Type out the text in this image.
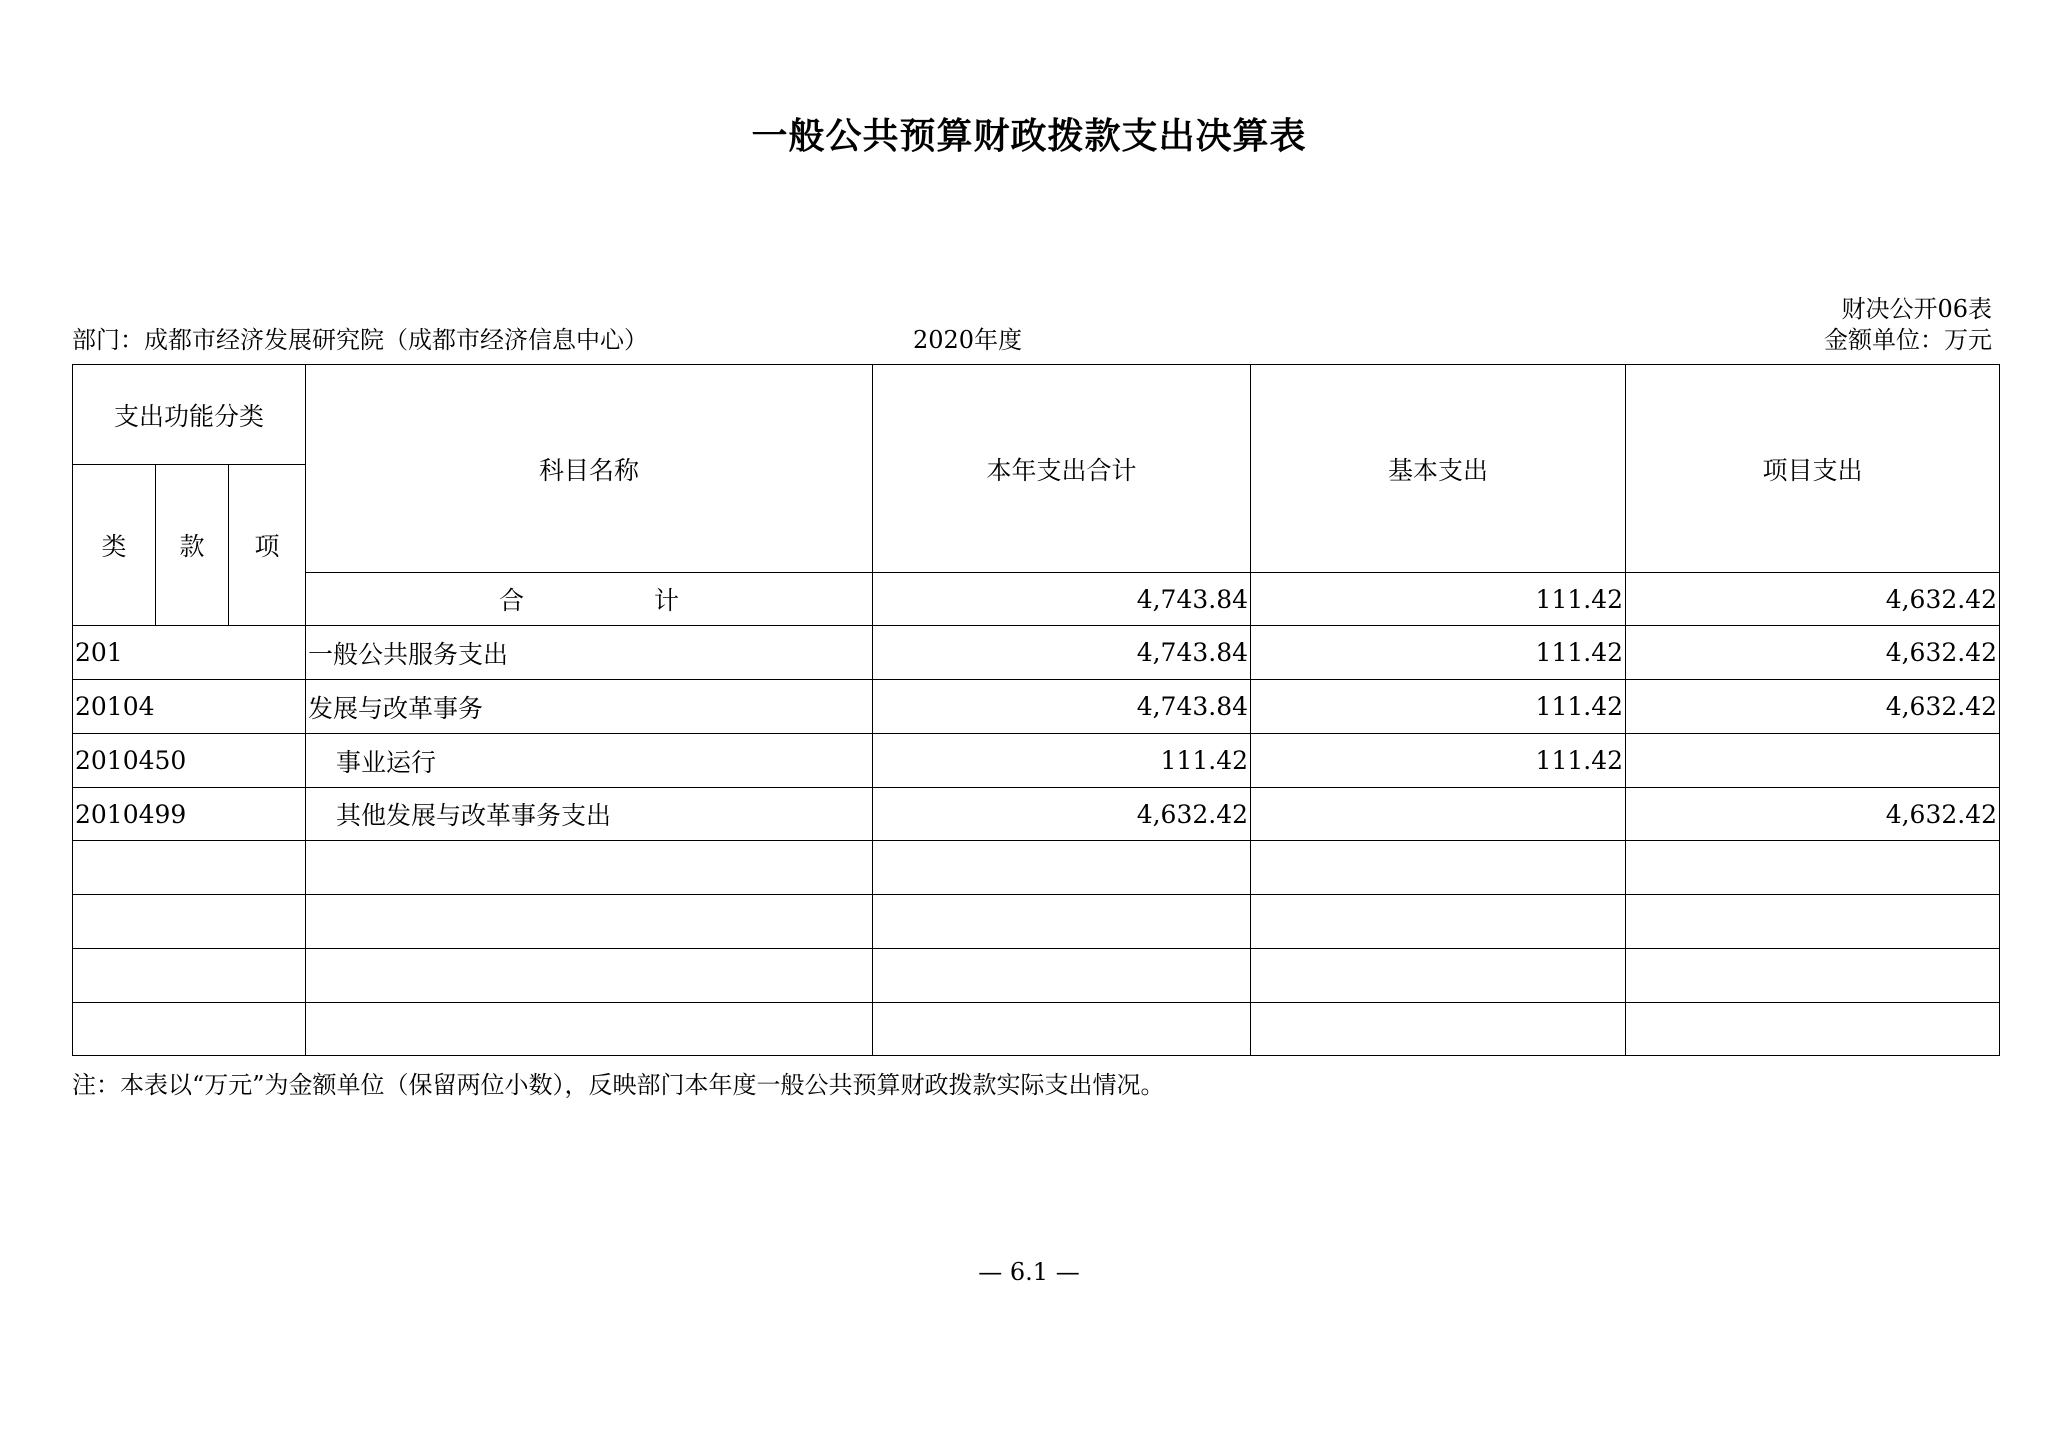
一般公共预算财政拨款支出决算表
财决公开06表
部门：成都市经济发展研究院（成都市经济信息中心）	2020年度	金额单位：万元
支出功能分类			科目名称	本年支出合计	基本支出	项目支出
类	款	项				
			合 计	4,743.84	111.42	4,632.42
201			一般公共服务支出	4,743.84	111.42	4,632.42
20104			发展与改革事务	4,743.84	111.42	4,632.42
2010450			事业运行	111.42	111.42	
2010499			其他发展与改革事务支出	4,632.42		4,632.42

注：本表以“万元”为金额单位（保留两位小数），反映部门本年度一般公共预算财政拨款实际支出情况。
— 6.1 —
